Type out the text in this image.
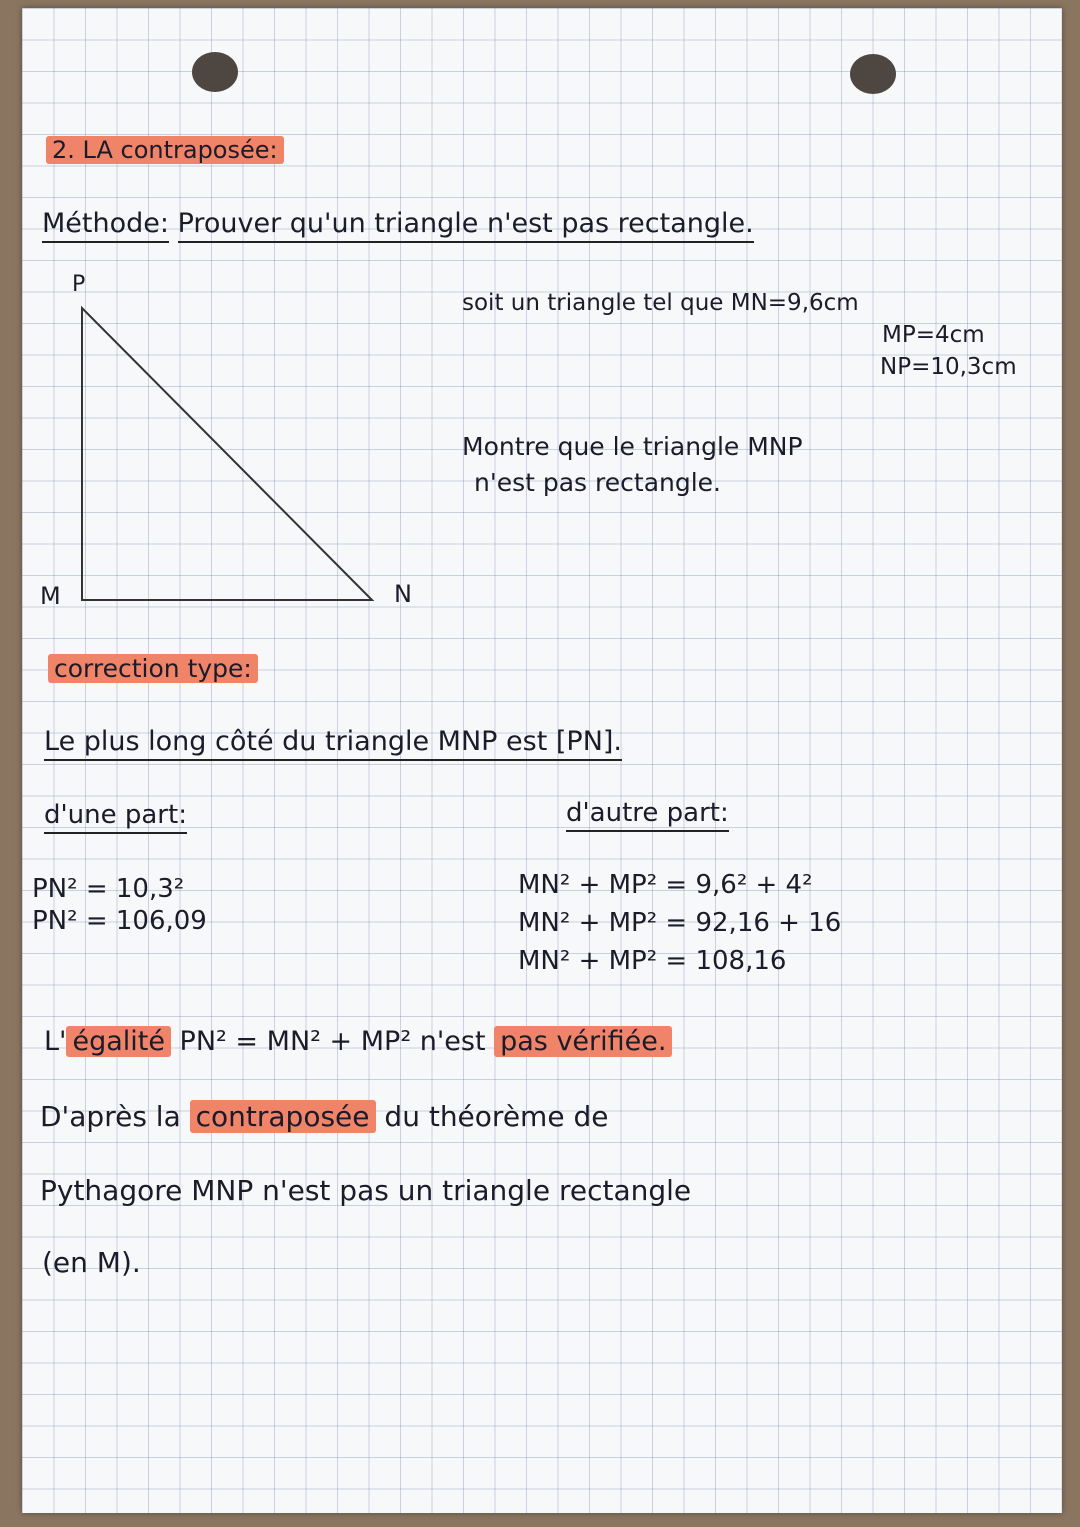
2. LA contraposée:
Méthode: Prouver qu'un triangle n'est pas rectangle.
P
M	N
soit un triangle tel que MN=9,6cm
MP=4cm
NP=10,3cm
Montre que le triangle MNP
n'est pas rectangle.
correction type:
Le plus long côté du triangle MNP est [PN].
d'une part:
PN² = 10,3²
PN² = 106,09
d'autre part:
MN² + MP² = 9,6² + 4²
MN² + MP² = 92,16 + 16
MN² + MP² = 108,16
L' égalité PN² = MN² + MP² n'est pas vérifiée.
D'après la contraposée du théorème de
Pythagore MNP n'est pas un triangle rectangle
(en M).
